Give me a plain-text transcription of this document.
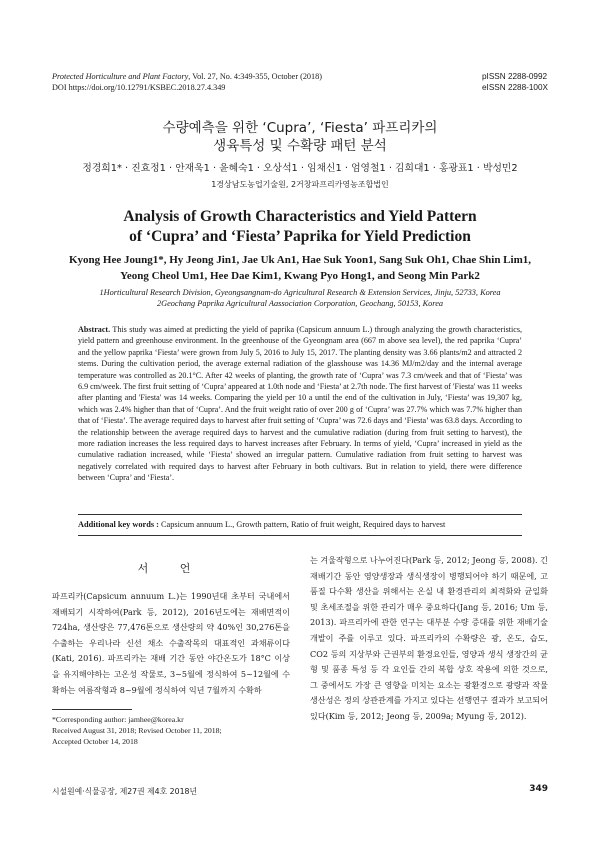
Protected Horticulture and Plant Factory, Vol. 27, No. 4:349-355, October (2018)
DOI https://doi.org/10.12791/KSBEC.2018.27.4.349
pISSN 2288-0992
eISSN 2288-100X
수량예측을 위한 ‘Cupra’, ‘Fiesta’ 파프리카의
생육특성 및 수확량 패턴 분석
정경희1* · 진효정1 · 안재욱1 · 윤혜숙1 · 오상석1 · 임채신1 · 엄영철1 · 김희대1 · 홍광표1 · 박성민2
1경상남도농업기술원, 2거창파프리카영농조합법인
Analysis of Growth Characteristics and Yield Pattern
of ‘Cupra’ and ‘Fiesta’ Paprika for Yield Prediction
Kyong Hee Joung1*, Hy Jeong Jin1, Jae Uk An1, Hae Suk Yoon1, Sang Suk Oh1, Chae Shin Lim1,
Yeong Cheol Um1, Hee Dae Kim1, Kwang Pyo Hong1, and Seong Min Park2
1Horticultural Research Division, Gyeongsangnam-do Agricultural Research & Extension Services, Jinju, 52733, Korea
2Geochang Paprika Agricultural Aassociation Corporation, Geochang, 50153, Korea
Abstract. This study was aimed at predicting the yield of paprika (Capsicum annuum L.) through analyzing the growth characteristics, yield pattern and greenhouse environment. In the greenhouse of the Gyeongnam area (667 m above sea level), the red paprika ‘Cupra’ and the yellow paprika ‘Fiesta’ were grown from July 5, 2016 to July 15, 2017. The planting density was 3.66 plants/m2 and attracted 2 stems. During the cultivation period, the average external radiation of the glasshouse was 14.36 MJ/m2/day and the internal average temperature was controlled as 20.1°C. After 42 weeks of planting, the growth rate of ‘Cupra’ was 7.3 cm/week and that of ‘Fiesta’ was 6.9 cm/week. The first fruit setting of ‘Cupra’ appeared at 1.0th node and ‘Fiesta’ at 2.7th node. The first harvest of 'Fiesta' was 11 weeks after planting and 'Fiesta' was 14 weeks. Comparing the yield per 10 a until the end of the cultivation in July, ‘Fiesta’ was 19,307 kg, which was 2.4% higher than that of ‘Cupra’. And the fruit weight ratio of over 200 g of ‘Cupra’ was 27.7% which was 7.7% higher than that of ‘Fiesta’. The average required days to harvest after fruit setting of ‘Cupra’ was 72.6 days and ‘Fiesta’ was 63.8 days. According to the relationship between the average required days to harvest and the cumulative radiation (during from fruit setting to harvest), the more radiation increases the less required days to harvest increases after February. In terms of yield, ‘Cupra’ increased in yield as the cumulative radiation increased, while ‘Fiesta’ showed an irregular pattern. Cumulative radiation from fruit setting to harvest was negatively correlated with required days to harvest after February in both cultivars. But in relation to yield, there were difference between ‘Cupra’ and ‘Fiesta’.
Additional key words : Capsicum annuum L., Growth pattern, Ratio of fruit weight, Required days to harvest
서 언
파프리카(Capsicum annuum L.)는 1990년대 초부터 국내에서 재배되기 시작하여(Park 등, 2012), 2016년도에는 재배면적이 724ha, 생산량은 77,476톤으로 생산량의 약 40%인 30,276톤을 수출하는 우리나라 신선 채소 수출작목의 대표적인 과채류이다(Kati, 2016). 파프리카는 재배 기간 동안 야간온도가 18°C 이상을 유지해야하는 고온성 작물로, 3~5월에 정식하여 5~12월에 수확하는 여름작형과 8~9월에 정식하여 익년 7월까지 수확하
는 겨울작형으로 나누어진다(Park 등, 2012; Jeong 등, 2008). 긴 재배기간 동안 영양생장과 생식생장이 병행되어야 하기 때문에, 고품질 다수확 생산을 위해서는 온실 내 환경관리의 최적화와 균일화 및 초세조절을 위한 관리가 매우 중요하다(Jang 등, 2016; Um 등, 2013). 파프리카에 관한 연구는 대부분 수량 증대를 위한 재배기술 개발이 주를 이루고 있다. 파프리카의 수확량은 광, 온도, 습도, CO2 등의 지상부와 근권부의 환경요인들, 영양과 생식 생장간의 균형 및 품종 특성 등 각 요인들 간의 복합 상호 작용에 의한 것으로, 그 중에서도 가장 큰 영향을 미치는 요소는 광환경으로 광량과 작물 생산성은 정의 상관관계를 가지고 있다는 선행연구 결과가 보고되어 있다(Kim 등, 2012; Jeong 등, 2009a; Myung 등, 2012).
*Corresponding author: jamhee@korea.kr
Received August 31, 2018; Revised October 11, 2018;
Accepted October 14, 2018
시설원예‧식물공장, 제27권 제4호 2018년	349
